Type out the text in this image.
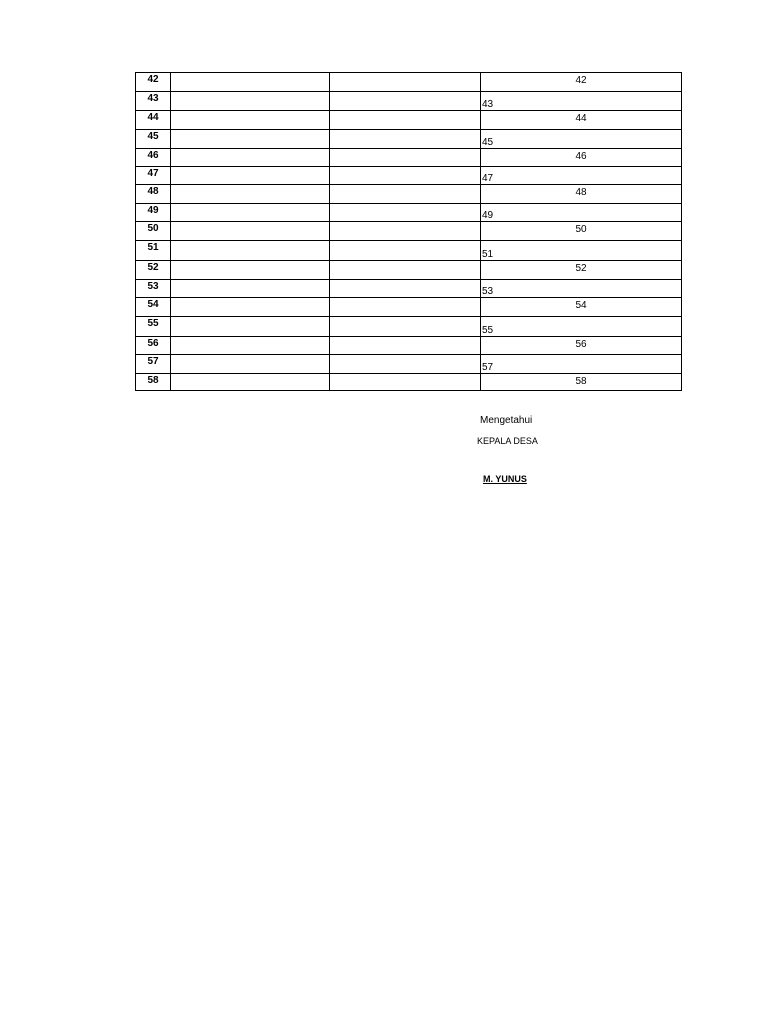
42			42

43			43

44			44

45			45

46			46

47			47

48			48

49			49

50			50

51			51

52			52

53			53

54			54

55			55

56			56

57			57

58			58
Mengetahui
KEPALA DESA
M. YUNUS
